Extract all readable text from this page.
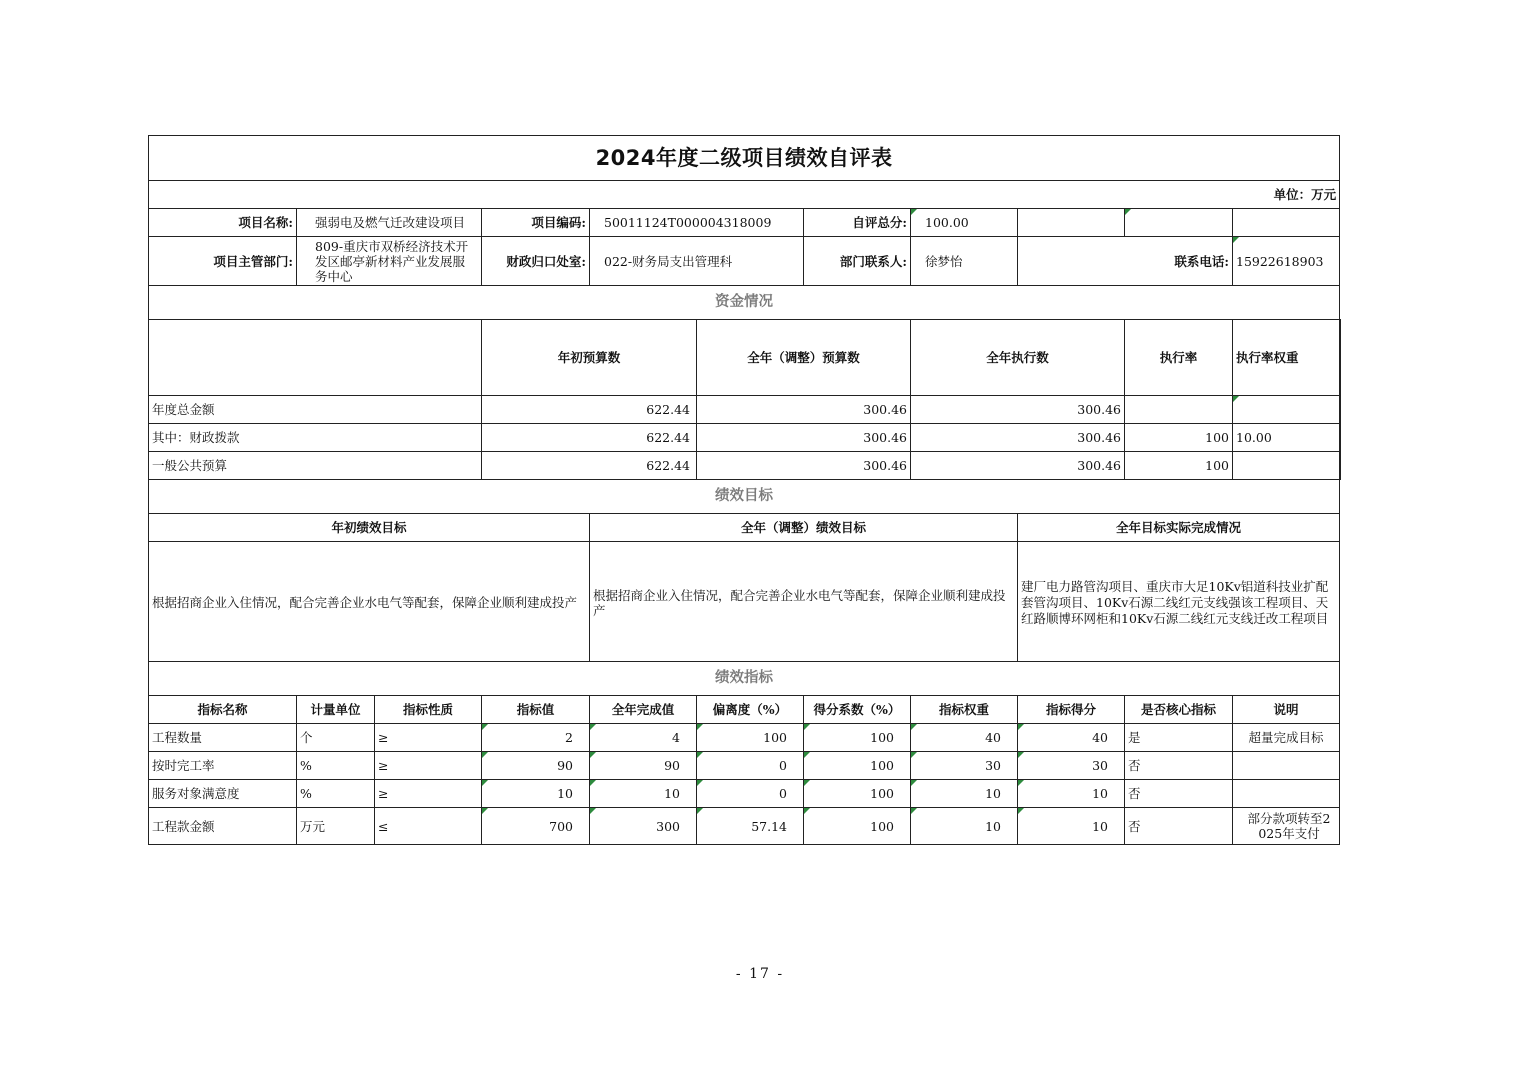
2024年度二级项目绩效自评表											
单位：万元											
项目名称:	强弱电及燃气迁改建设项目		项目编码:	50011124T000004318009		自评总分:	100.00				
项目主管部门:	809-重庆市双桥经济技术开发区邮亭新材料产业发展服务中心		财政归口处室:	022-财务局支出管理科		部门联系人:	徐梦怡	联系电话:		15922618903	
资金情况											
			年初预算数		全年（调整）预算数		全年执行数		执行率	执行率权重	
年度总金额			622.44		300.46		300.46				
其中：财政拨款			622.44		300.46		300.46		100	10.00	
一般公共预算			622.44		300.46		300.46		100		
绩效目标											
年初绩效目标				全年（调整）绩效目标				全年目标实际完成情况			
根据招商企业入住情况，配合完善企业水电气等配套，保障企业顺利建成投产				根据招商企业入住情况，配合完善企业水电气等配套，保障企业顺利建成投产				建厂电力路管沟项目、重庆市大足10Kv铝道科技业扩配套管沟项目、10Kv石源二线红元支线强该工程项目、天红路顺博环网柜和10Kv石源二线红元支线迁改工程项目			
绩效指标											
指标名称	计量单位	指标性质	指标值	全年完成值	偏离度（%）	得分系数（%）	指标权重	指标得分	是否核心指标	说明	
工程数量	个	≥	2	4	100	100	40	40	是	超量完成目标	
按时完工率	%	≥	90	90	0	100	30	30	否		
服务对象满意度	%	≥	10	10	0	100	10	10	否		
工程款金额	万元	≤	700	300	57.14	100	10	10	否	部分款项转至2025年支付	
- 17 -
